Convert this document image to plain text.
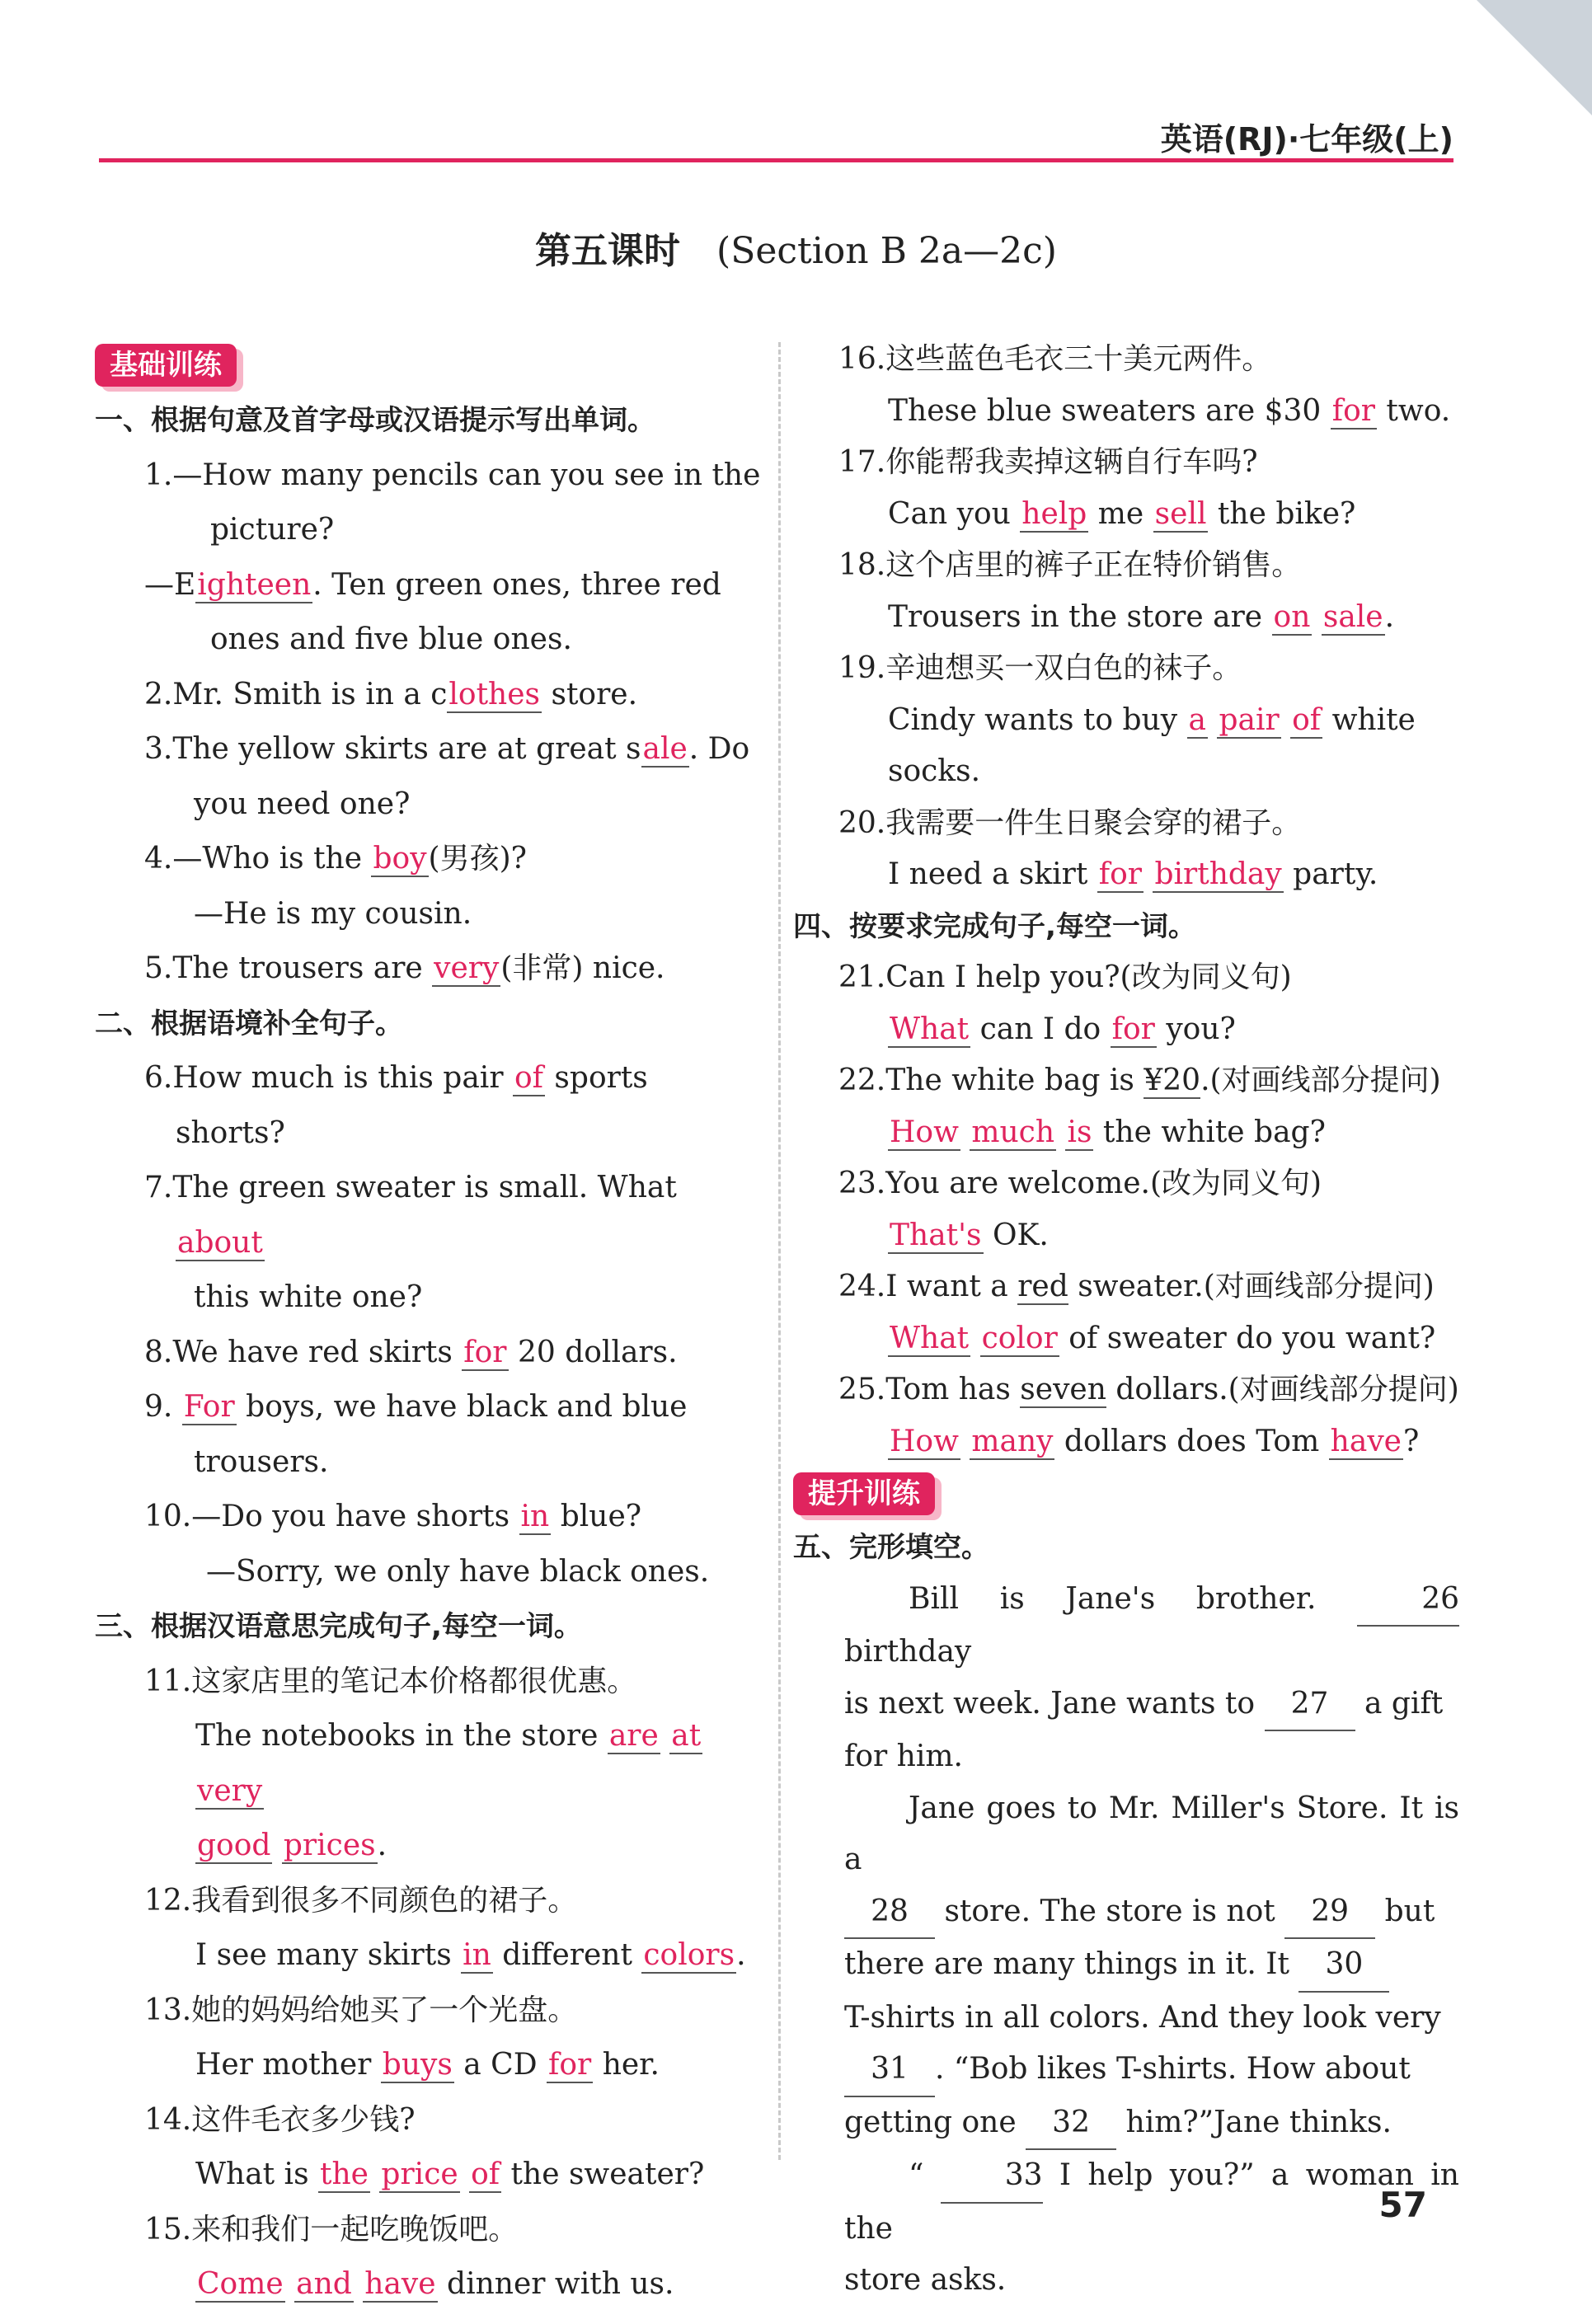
英语(RJ)·七年级(上)
第五课时 (Section B 2a—2c)
基础训练
一、根据句意及首字母或汉语提示写出单词。
1.—How many pencils can you see in the
picture?
—Eighteen. Ten green ones, three red
ones and five blue ones.
2.Mr. Smith is in a clothes store.
3.The yellow skirts are at great sale. Do
you need one?
4.—Who is the boy(男孩)?
—He is my cousin.
5.The trousers are very(非常) nice.
二、根据语境补全句子。
6.How much is this pair of sports shorts?
7.The green sweater is small. What about
this white one?
8.We have red skirts for 20 dollars.
9. For boys, we have black and blue
trousers.
10.—Do you have shorts in blue?
—Sorry, we only have black ones.
三、根据汉语意思完成句子,每空一词。
11.这家店里的笔记本价格都很优惠。
The notebooks in the store are at very
good prices.
12.我看到很多不同颜色的裙子。
I see many skirts in different colors.
13.她的妈妈给她买了一个光盘。
Her mother buys a CD for her.
14.这件毛衣多少钱?
What is the price of the sweater?
15.来和我们一起吃晚饭吧。
Come and have dinner with us.
16.这些蓝色毛衣三十美元两件。
These blue sweaters are $30 for two.
17.你能帮我卖掉这辆自行车吗?
Can you help me sell the bike?
18.这个店里的裤子正在特价销售。
Trousers in the store are on sale.
19.辛迪想买一双白色的袜子。
Cindy wants to buy a pair of white
socks.
20.我需要一件生日聚会穿的裙子。
I need a skirt for birthday party.
四、按要求完成句子,每空一词。
21.Can I help you?(改为同义句)
What can I do for you?
22.The white bag is ¥20.(对画线部分提问)
How much is the white bag?
23.You are welcome.(改为同义句)
That's OK.
24.I want a red sweater.(对画线部分提问)
What color of sweater do you want?
25.Tom has seven dollars.(对画线部分提问)
How many dollars does Tom have?
提升训练
五、完形填空。
Bill is Jane's brother. 26 birthday
is next week. Jane wants to 27 a gift
for him.
Jane goes to Mr. Miller's Store. It is a
28 store. The store is not 29 but
there are many things in it. It 30
T-shirts in all colors. And they look very
31 . “Bob likes T-shirts. How about
getting one 32 him?”Jane thinks.
“ 33 I help you?” a woman in the
store asks.
57
